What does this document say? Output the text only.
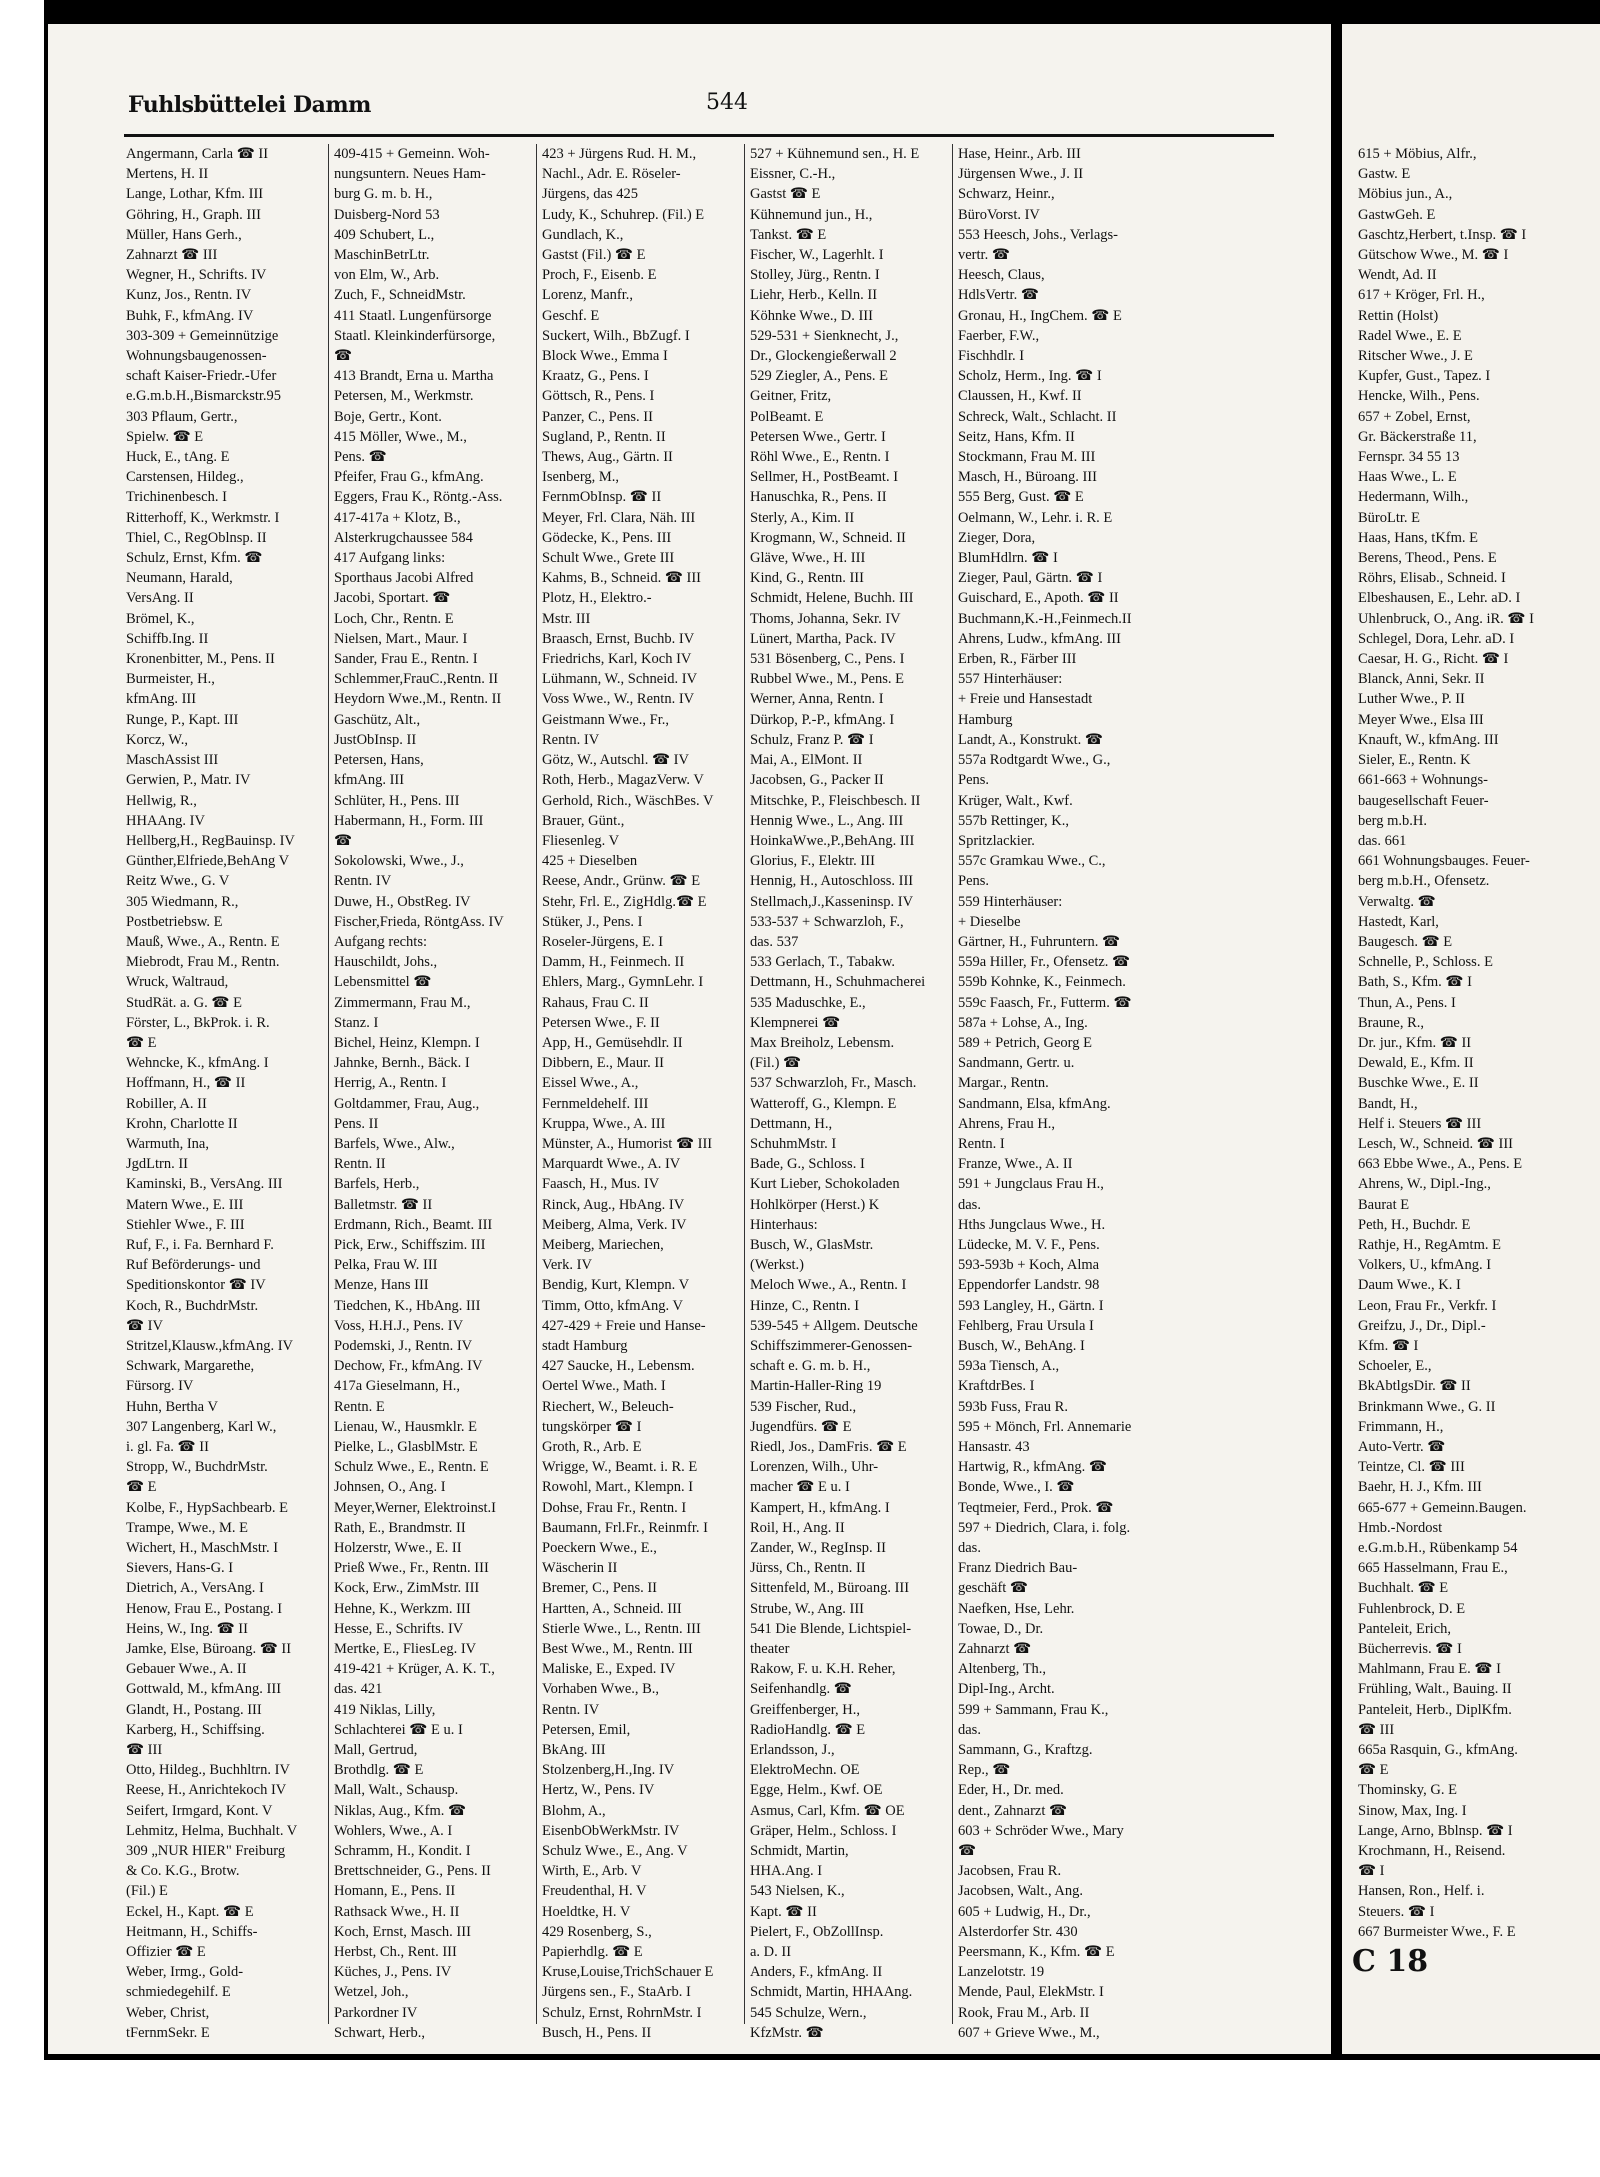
Fuhlsbüttelei Damm	544
Angermann, Carla ☎ II
Mertens, H. II
Lange, Lothar, Kfm. III
Göhring, H., Graph. III
Müller, Hans Gerh.,
Zahnarzt ☎ III
Wegner, H., Schrifts. IV
Kunz, Jos., Rentn. IV
Buhk, F., kfmAng. IV
303-309 + Gemeinnützige
Wohnungsbaugenossen-
schaft Kaiser-Friedr.-Ufer
e.G.m.b.H.,Bismarckstr.95
303 Pflaum, Gertr.,
Spielw. ☎ E
Huck, E., tAng. E
Carstensen, Hildeg.,
Trichinenbesch. I
Ritterhoff, K., Werkmstr. I
Thiel, C., RegOblnsp. II
Schulz, Ernst, Kfm. ☎
Neumann, Harald,
VersAng. II
Brömel, K.,
Schiffb.Ing. II
Kronenbitter, M., Pens. II
Burmeister, H.,
kfmAng. III
Runge, P., Kapt. III
Korcz, W.,
MaschAssist III
Gerwien, P., Matr. IV
Hellwig, R.,
HHAAng. IV
Hellberg,H., RegBauinsp. IV
Günther,Elfriede,BehAng V
Reitz Wwe., G. V
305 Wiedmann, R.,
Postbetriebsw. E
Mauß, Wwe., A., Rentn. E
Miebrodt, Frau M., Rentn.
Wruck, Waltraud,
StudRät. a. G. ☎ E
Förster, L., BkProk. i. R.
☎ E
Wehncke, K., kfmAng. I
Hoffmann, H., ☎ II
Robiller, A. II
Krohn, Charlotte II
Warmuth, Ina,
JgdLtrn. II
Kaminski, B., VersAng. III
Matern Wwe., E. III
Stiehler Wwe., F. III
Ruf, F., i. Fa. Bernhard F.
Ruf Beförderungs- und
Speditionskontor ☎ IV
Koch, R., BuchdrMstr.
☎ IV
Stritzel,Klausw.,kfmAng. IV
Schwark, Margarethe,
Fürsorg. IV
Huhn, Bertha V
307 Langenberg, Karl W.,
i. gl. Fa. ☎ II
Stropp, W., BuchdrMstr.
☎ E
Kolbe, F., HypSachbearb. E
Trampe, Wwe., M. E
Wichert, H., MaschMstr. I
Sievers, Hans-G. I
Dietrich, A., VersAng. I
Henow, Frau E., Postang. I
Heins, W., Ing. ☎ II
Jamke, Else, Büroang. ☎ II
Gebauer Wwe., A. II
Gottwald, M., kfmAng. III
Glandt, H., Postang. III
Karberg, H., Schiffsing.
☎ III
Otto, Hildeg., Buchhltrn. IV
Reese, H., Anrichtekoch IV
Seifert, Irmgard, Kont. V
Lehmitz, Helma, Buchhalt. V
309 „NUR HIER" Freiburg
& Co. K.G., Brotw.
(Fil.) E
Eckel, H., Kapt. ☎ E
Heitmann, H., Schiffs-
Offizier ☎ E
Weber, Irmg., Gold-
schmiedegehilf. E
Weber, Christ,
tFernmSekr. E
409-415 + Gemeinn. Woh-
nungsuntern. Neues Ham-
burg G. m. b. H.,
Duisberg-Nord 53
409 Schubert, L.,
MaschinBetrLtr.
von Elm, W., Arb.
Zuch, F., SchneidMstr.
411 Staatl. Lungenfürsorge
Staatl. Kleinkinderfürsorge,
☎
413 Brandt, Erna u. Martha
Petersen, M., Werkmstr.
Boje, Gertr., Kont.
415 Möller, Wwe., M.,
Pens. ☎
Pfeifer, Frau G., kfmAng.
Eggers, Frau K., Röntg.-Ass.
417-417a + Klotz, B.,
Alsterkrugchaussee 584
417 Aufgang links:
Sporthaus Jacobi Alfred
Jacobi, Sportart. ☎
Loch, Chr., Rentn. E
Nielsen, Mart., Maur. I
Sander, Frau E., Rentn. I
Schlemmer,FrauC.,Rentn. II
Heydorn Wwe.,M., Rentn. II
Gaschütz, Alt.,
JustObInsp. II
Petersen, Hans,
kfmAng. III
Schlüter, H., Pens. III
Habermann, H., Form. III
☎
Sokolowski, Wwe., J.,
Rentn. IV
Duwe, H., ObstReg. IV
Fischer,Frieda, RöntgAss. IV
Aufgang rechts:
Hauschildt, Johs.,
Lebensmittel ☎
Zimmermann, Frau M.,
Stanz. I
Bichel, Heinz, Klempn. I
Jahnke, Bernh., Bäck. I
Herrig, A., Rentn. I
Goltdammer, Frau, Aug.,
Pens. II
Barfels, Wwe., Alw.,
Rentn. II
Barfels, Herb.,
Balletmstr. ☎ II
Erdmann, Rich., Beamt. III
Pick, Erw., Schiffszim. III
Pelka, Frau W. III
Menze, Hans III
Tiedchen, K., HbAng. III
Voss, H.H.J., Pens. IV
Podemski, J., Rentn. IV
Dechow, Fr., kfmAng. IV
417a Gieselmann, H.,
Rentn. E
Lienau, W., Hausmklr. E
Pielke, L., GlasblMstr. E
Schulz Wwe., E., Rentn. E
Johnsen, O., Ang. I
Meyer,Werner, Elektroinst.I
Rath, E., Brandmstr. II
Holzerstr, Wwe., E. II
Prieß Wwe., Fr., Rentn. III
Kock, Erw., ZimMstr. III
Hehne, K., Werkzm. III
Hesse, E., Schrifts. IV
Mertke, E., FliesLeg. IV
419-421 + Krüger, A. K. T.,
das. 421
419 Niklas, Lilly,
Schlachterei ☎ E u. I
Mall, Gertrud,
Brothdlg. ☎ E
Mall, Walt., Schausp.
Niklas, Aug., Kfm. ☎
Wohlers, Wwe., A. I
Schramm, H., Kondit. I
Brettschneider, G., Pens. II
Homann, E., Pens. II
Rathsack Wwe., H. II
Koch, Ernst, Masch. III
Herbst, Ch., Rent. III
Küches, J., Pens. IV
Wetzel, Joh.,
Parkordner IV
Schwart, Herb.,
423 + Jürgens Rud. H. M.,
Nachl., Adr. E. Röseler-
Jürgens, das 425
Ludy, K., Schuhrep. (Fil.) E
Gundlach, K.,
Gastst (Fil.) ☎ E
Proch, F., Eisenb. E
Lorenz, Manfr.,
Geschf. E
Suckert, Wilh., BbZugf. I
Block Wwe., Emma I
Kraatz, G., Pens. I
Göttsch, R., Pens. I
Panzer, C., Pens. II
Sugland, P., Rentn. II
Thews, Aug., Gärtn. II
Isenberg, M.,
FernmObInsp. ☎ II
Meyer, Frl. Clara, Näh. III
Gödecke, K., Pens. III
Schult Wwe., Grete III
Kahms, B., Schneid. ☎ III
Plotz, H., Elektro.-
Mstr. III
Braasch, Ernst, Buchb. IV
Friedrichs, Karl, Koch IV
Lühmann, W., Schneid. IV
Voss Wwe., W., Rentn. IV
Geistmann Wwe., Fr.,
Rentn. IV
Götz, W., Autschl. ☎ IV
Roth, Herb., MagazVerw. V
Gerhold, Rich., WäschBes. V
Brauer, Günt.,
Fliesenleg. V
425 + Dieselben
Reese, Andr., Grünw. ☎ E
Stehr, Frl. E., ZigHdlg.☎ E
Stüker, J., Pens. I
Roseler-Jürgens, E. I
Damm, H., Feinmech. II
Ehlers, Marg., GymnLehr. I
Rahaus, Frau C. II
Petersen Wwe., F. II
App, H., Gemüsehdlr. II
Dibbern, E., Maur. II
Eissel Wwe., A.,
Fernmeldehelf. III
Kruppa, Wwe., A. III
Münster, A., Humorist ☎ III
Marquardt Wwe., A. IV
Faasch, H., Mus. IV
Rinck, Aug., HbAng. IV
Meiberg, Alma, Verk. IV
Meiberg, Mariechen,
Verk. IV
Bendig, Kurt, Klempn. V
Timm, Otto, kfmAng. V
427-429 + Freie und Hanse-
stadt Hamburg
427 Saucke, H., Lebensm.
Oertel Wwe., Math. I
Riechert, W., Beleuch-
tungskörper ☎ I
Groth, R., Arb. E
Wrigge, W., Beamt. i. R. E
Rowohl, Mart., Klempn. I
Dohse, Frau Fr., Rentn. I
Baumann, Frl.Fr., Reinmfr. I
Poeckern Wwe., E.,
Wäscherin II
Bremer, C., Pens. II
Hartten, A., Schneid. III
Stierle Wwe., L., Rentn. III
Best Wwe., M., Rentn. III
Maliske, E., Exped. IV
Vorhaben Wwe., B.,
Rentn. IV
Petersen, Emil,
BkAng. III
Stolzenberg,H.,Ing. IV
Hertz, W., Pens. IV
Blohm, A.,
EisenbObWerkMstr. IV
Schulz Wwe., E., Ang. V
Wirth, E., Arb. V
Freudenthal, H. V
Hoeldtke, H. V
429 Rosenberg, S.,
Papierhdlg. ☎ E
Kruse,Louise,TrichSchauer E
Jürgens sen., F., StaArb. I
Schulz, Ernst, RohrnMstr. I
Busch, H., Pens. II
527 + Kühnemund sen., H. E
Eissner, C.-H.,
Gastst ☎ E
Kühnemund jun., H.,
Tankst. ☎ E
Fischer, W., Lagerhlt. I
Stolley, Jürg., Rentn. I
Liehr, Herb., Kelln. II
Köhnke Wwe., D. III
529-531 + Sienknecht, J.,
Dr., Glockengießerwall 2
529 Ziegler, A., Pens. E
Geitner, Fritz,
PolBeamt. E
Petersen Wwe., Gertr. I
Röhl Wwe., E., Rentn. I
Sellmer, H., PostBeamt. I
Hanuschka, R., Pens. II
Sterly, A., Kim. II
Krogmann, W., Schneid. II
Gläve, Wwe., H. III
Kind, G., Rentn. III
Schmidt, Helene, Buchh. III
Thoms, Johanna, Sekr. IV
Lünert, Martha, Pack. IV
531 Bösenberg, C., Pens. I
Rubbel Wwe., M., Pens. E
Werner, Anna, Rentn. I
Dürkop, P.-P., kfmAng. I
Schulz, Franz P. ☎ I
Mai, A., ElMont. II
Jacobsen, G., Packer II
Mitschke, P., Fleischbesch. II
Hennig Wwe., L., Ang. III
HoinkaWwe.,P.,BehAng. III
Glorius, F., Elektr. III
Hennig, H., Autoschloss. III
Stellmach,J.,Kasseninsp. IV
533-537 + Schwarzloh, F.,
das. 537
533 Gerlach, T., Tabakw.
Dettmann, H., Schuhmacherei
535 Maduschke, E.,
Klempnerei ☎
Max Breiholz, Lebensm.
(Fil.) ☎
537 Schwarzloh, Fr., Masch.
Watteroff, G., Klempn. E
Dettmann, H.,
SchuhmMstr. I
Bade, G., Schloss. I
Kurt Lieber, Schokoladen
Hohlkörper (Herst.) K
Hinterhaus:
Busch, W., GlasMstr.
(Werkst.)
Meloch Wwe., A., Rentn. I
Hinze, C., Rentn. I
539-545 + Allgem. Deutsche
Schiffszimmerer-Genossen-
schaft e. G. m. b. H.,
Martin-Haller-Ring 19
539 Fischer, Rud.,
Jugendfürs. ☎ E
Riedl, Jos., DamFris. ☎ E
Lorenzen, Wilh., Uhr-
macher ☎ E u. I
Kampert, H., kfmAng. I
Roil, H., Ang. II
Zander, W., RegInsp. II
Jürss, Ch., Rentn. II
Sittenfeld, M., Büroang. III
Strube, W., Ang. III
541 Die Blende, Lichtspiel-
theater
Rakow, F. u. K.H. Reher,
Seifenhandlg. ☎
Greiffenberger, H.,
RadioHandlg. ☎ E
Erlandsson, J.,
ElektroMechn. OE
Egge, Helm., Kwf. OE
Asmus, Carl, Kfm. ☎ OE
Gräper, Helm., Schloss. I
Schmidt, Martin,
HHA.Ang. I
543 Nielsen, K.,
Kapt. ☎ II
Pielert, F., ObZollInsp.
a. D. II
Anders, F., kfmAng. II
Schmidt, Martin, HHAAng.
545 Schulze, Wern.,
KfzMstr. ☎
Hase, Heinr., Arb. III
Jürgensen Wwe., J. II
Schwarz, Heinr.,
BüroVorst. IV
553 Heesch, Johs., Verlags-
vertr. ☎
Heesch, Claus,
HdlsVertr. ☎
Gronau, H., IngChem. ☎ E
Faerber, F.W.,
Fischhdlr. I
Scholz, Herm., Ing. ☎ I
Claussen, H., Kwf. II
Schreck, Walt., Schlacht. II
Seitz, Hans, Kfm. II
Stockmann, Frau M. III
Masch, H., Büroang. III
555 Berg, Gust. ☎ E
Oelmann, W., Lehr. i. R. E
Zieger, Dora,
BlumHdlrn. ☎ I
Zieger, Paul, Gärtn. ☎ I
Guischard, E., Apoth. ☎ II
Buchmann,K.-H.,Feinmech.II
Ahrens, Ludw., kfmAng. III
Erben, R., Färber III
557 Hinterhäuser:
+ Freie und Hansestadt
Hamburg
Landt, A., Konstrukt. ☎
557a Rodtgardt Wwe., G.,
Pens.
Krüger, Walt., Kwf.
557b Rettinger, K.,
Spritzlackier.
557c Gramkau Wwe., C.,
Pens.
559 Hinterhäuser:
+ Dieselbe
Gärtner, H., Fuhruntern. ☎
559a Hiller, Fr., Ofensetz. ☎
559b Kohnke, K., Feinmech.
559c Faasch, Fr., Futterm. ☎
587a + Lohse, A., Ing.
589 + Petrich, Georg E
Sandmann, Gertr. u.
Margar., Rentn.
Sandmann, Elsa, kfmAng.
Ahrens, Frau H.,
Rentn. I
Franze, Wwe., A. II
591 + Jungclaus Frau H.,
das.
Hths Jungclaus Wwe., H.
Lüdecke, M. V. F., Pens.
593-593b + Koch, Alma
Eppendorfer Landstr. 98
593 Langley, H., Gärtn. I
Fehlberg, Frau Ursula I
Busch, W., BehAng. I
593a Tiensch, A.,
KraftdrBes. I
593b Fuss, Frau R.
595 + Mönch, Frl. Annemarie
Hansastr. 43
Hartwig, R., kfmAng. ☎
Bonde, Wwe., I. ☎
Teqtmeier, Ferd., Prok. ☎
597 + Diedrich, Clara, i. folg.
das.
Franz Diedrich Bau-
geschäft ☎
Naefken, Hse, Lehr.
Towae, D., Dr.
Zahnarzt ☎
Altenberg, Th.,
Dipl-Ing., Archt.
599 + Sammann, Frau K.,
das.
Sammann, G., Kraftzg.
Rep., ☎
Eder, H., Dr. med.
dent., Zahnarzt ☎
603 + Schröder Wwe., Mary
☎
Jacobsen, Frau R.
Jacobsen, Walt., Ang.
605 + Ludwig, H., Dr.,
Alsterdorfer Str. 430
Peersmann, K., Kfm. ☎ E
Lanzelotstr. 19
Mende, Paul, ElekMstr. I
Rook, Frau M., Arb. II
607 + Grieve Wwe., M.,
615 + Möbius, Alfr.,
Gastw. E
Möbius jun., A.,
GastwGeh. E
Gaschtz,Herbert, t.Insp. ☎ I
Gütschow Wwe., M. ☎ I
Wendt, Ad. II
617 + Kröger, Frl. H.,
Rettin (Holst)
Radel Wwe., E. E
Ritscher Wwe., J. E
Kupfer, Gust., Tapez. I
Hencke, Wilh., Pens.
657 + Zobel, Ernst,
Gr. Bäckerstraße 11,
Fernspr. 34 55 13
Haas Wwe., L. E
Hedermann, Wilh.,
BüroLtr. E
Haas, Hans, tKfm. E
Berens, Theod., Pens. E
Röhrs, Elisab., Schneid. I
Elbeshausen, E., Lehr. aD. I
Uhlenbruck, O., Ang. iR. ☎ I
Schlegel, Dora, Lehr. aD. I
Caesar, H. G., Richt. ☎ I
Blanck, Anni, Sekr. II
Luther Wwe., P. II
Meyer Wwe., Elsa III
Knauft, W., kfmAng. III
Sieler, E., Rentn. K
661-663 + Wohnungs-
baugesellschaft Feuer-
berg m.b.H.
das. 661
661 Wohnungsbauges. Feuer-
berg m.b.H., Ofensetz.
Verwaltg. ☎
Hastedt, Karl,
Baugesch. ☎ E
Schnelle, P., Schloss. E
Bath, S., Kfm. ☎ I
Thun, A., Pens. I
Braune, R.,
Dr. jur., Kfm. ☎ II
Dewald, E., Kfm. II
Buschke Wwe., E. II
Bandt, H.,
Helf i. Steuers ☎ III
Lesch, W., Schneid. ☎ III
663 Ebbe Wwe., A., Pens. E
Ahrens, W., Dipl.-Ing.,
Baurat E
Peth, H., Buchdr. E
Rathje, H., RegAmtm. E
Volkers, U., kfmAng. I
Daum Wwe., K. I
Leon, Frau Fr., Verkfr. I
Greifzu, J., Dr., Dipl.-
Kfm. ☎ I
Schoeler, E.,
BkAbtlgsDir. ☎ II
Brinkmann Wwe., G. II
Frimmann, H.,
Auto-Vertr. ☎
Teintze, Cl. ☎ III
Baehr, H. J., Kfm. III
665-677 + Gemeinn.Baugen.
Hmb.-Nordost
e.G.m.b.H., Rübenkamp 54
665 Hasselmann, Frau E.,
Buchhalt. ☎ E
Fuhlenbrock, D. E
Panteleit, Erich,
Bücherrevis. ☎ I
Mahlmann, Frau E. ☎ I
Frühling, Walt., Bauing. II
Panteleit, Herb., DiplKfm.
☎ III
665a Rasquin, G., kfmAng.
☎ E
Thominsky, G. E
Sinow, Max, Ing. I
Lange, Arno, Bblnsp. ☎ I
Krochmann, H., Reisend.
☎ I
Hansen, Ron., Helf. i.
Steuers. ☎ I
667 Burmeister Wwe., F. E
C 18
